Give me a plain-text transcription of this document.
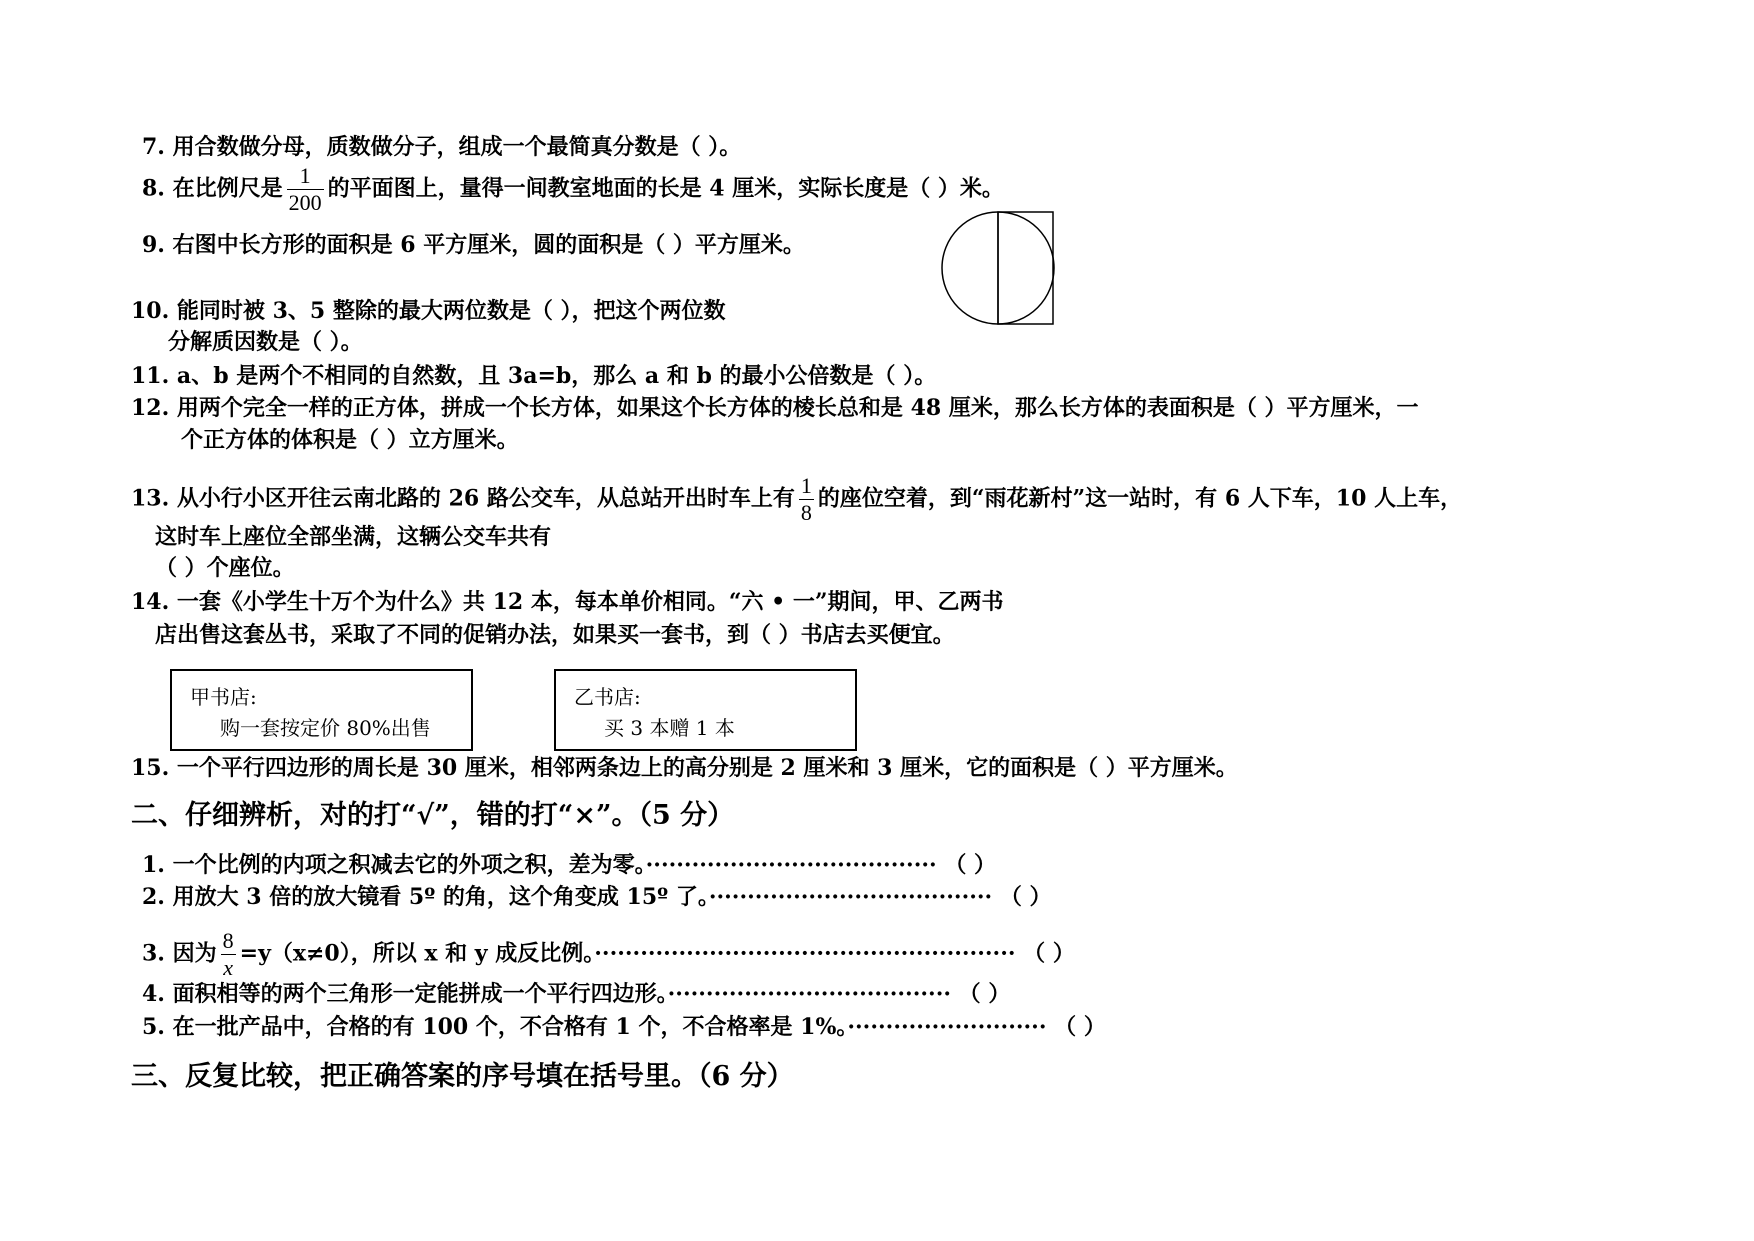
7. 用合数做分母，质数做分子，组成一个最简真分数是（ ）。
8. 在比例尺是 $\frac{1}{200}$ 的平面图上，量得一间教室地面的长是 4 厘米，实际长度是（ ）米。
9. 右图中长方形的面积是 6 平方厘米，圆的面积是（ ）平方厘米。
10. 能同时被 3、5 整除的最大两位数是（ ），把这个两位数
分解质因数是（ ）。
11. a、b 是两个不相同的自然数，且 3a=b，那么 a 和 b 的最小公倍数是（ ）。
12. 用两个完全一样的正方体，拼成一个长方体，如果这个长方体的棱长总和是 48 厘米，那么长方体的表面积是（ ）平方厘米，一
个正方体的体积是（ ）立方厘米。
13. 从小行小区开往云南北路的 26 路公交车，从总站开出时车上有 $\frac{1}{8}$ 的座位空着，到“雨花新村”这一站时，有 6 人下车，10 人上车，
这时车上座位全部坐满，这辆公交车共有
（ ）个座位。
14. 一套《小学生十万个为什么》共 12 本，每本单价相同。“六 • 一”期间，甲、乙两书
店出售这套丛书，采取了不同的促销办法，如果买一套书，到（ ）书店去买便宜。
甲书店:
购一套按定价 80%出售
乙书店:
买 3 本赠 1 本
15. 一个平行四边形的周长是 30 厘米，相邻两条边上的高分别是 2 厘米和 3 厘米，它的面积是（ ）平方厘米。
二、仔细辨析，对的打“√”，错的打“×”。（5 分）
1. 一个比例的内项之积减去它的外项之积，差为零。······································ （ ）
2. 用放大 3 倍的放大镜看 5º 的角，这个角变成 15º 了。····································· （ ）
3. 因为 $\frac{8}{x} =y(x\ne 0)$，所以 x 和 y 成反比例。······················································· （ ）
4. 面积相等的两个三角形一定能拼成一个平行四边形。····································· （ ）
5. 在一批产品中，合格的有 100 个，不合格有 1 个，不合格率是 1%。·························· （ ）
三、反复比较，把正确答案的序号填在括号里。（6 分）
